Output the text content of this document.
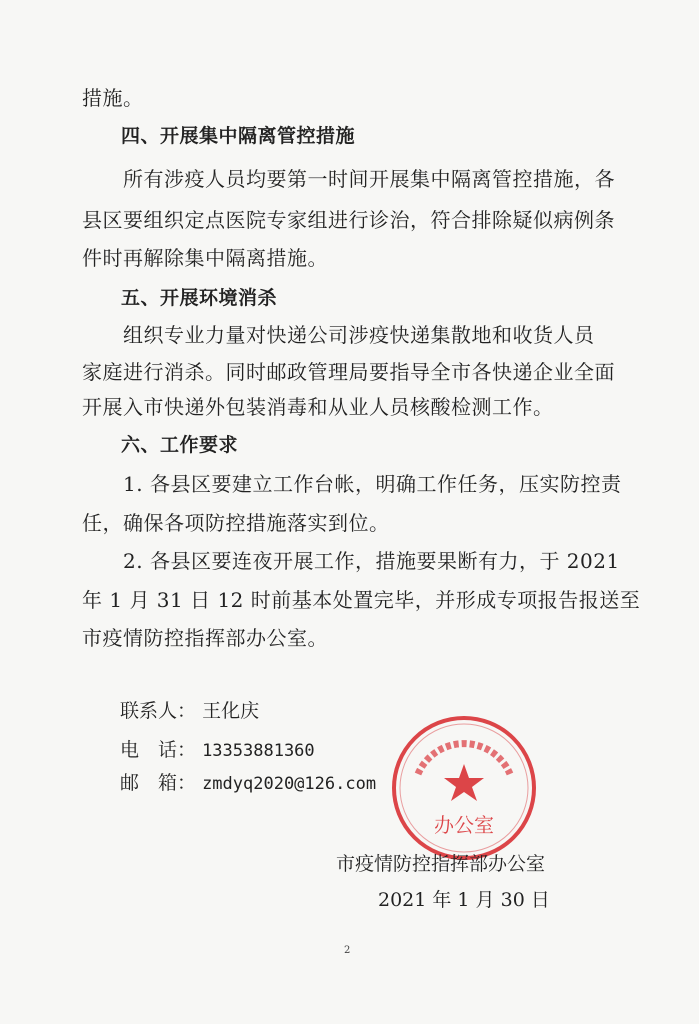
措施。
四、开展集中隔离管控措施
所有涉疫人员均要第一时间开展集中隔离管控措施，各
县区要组织定点医院专家组进行诊治，符合排除疑似病例条
件时再解除集中隔离措施。
五、开展环境消杀
组织专业力量对快递公司涉疫快递集散地和收货人员
家庭进行消杀。同时邮政管理局要指导全市各快递企业全面
开展入市快递外包装消毒和从业人员核酸检测工作。
六、工作要求
1. 各县区要建立工作台帐，明确工作任务，压实防控责
任，确保各项防控措施落实到位。
2. 各县区要连夜开展工作，措施要果断有力，于 2021
年 1 月 31 日 12 时前基本处置完毕，并形成专项报告报送至
市疫情防控指挥部办公室。
联系人： 王化庆
电　话： 13353881360
邮　箱： zmdyq2020@126.com
办公室
市疫情防控指挥部办公室
2021 年 1 月 30 日
2
